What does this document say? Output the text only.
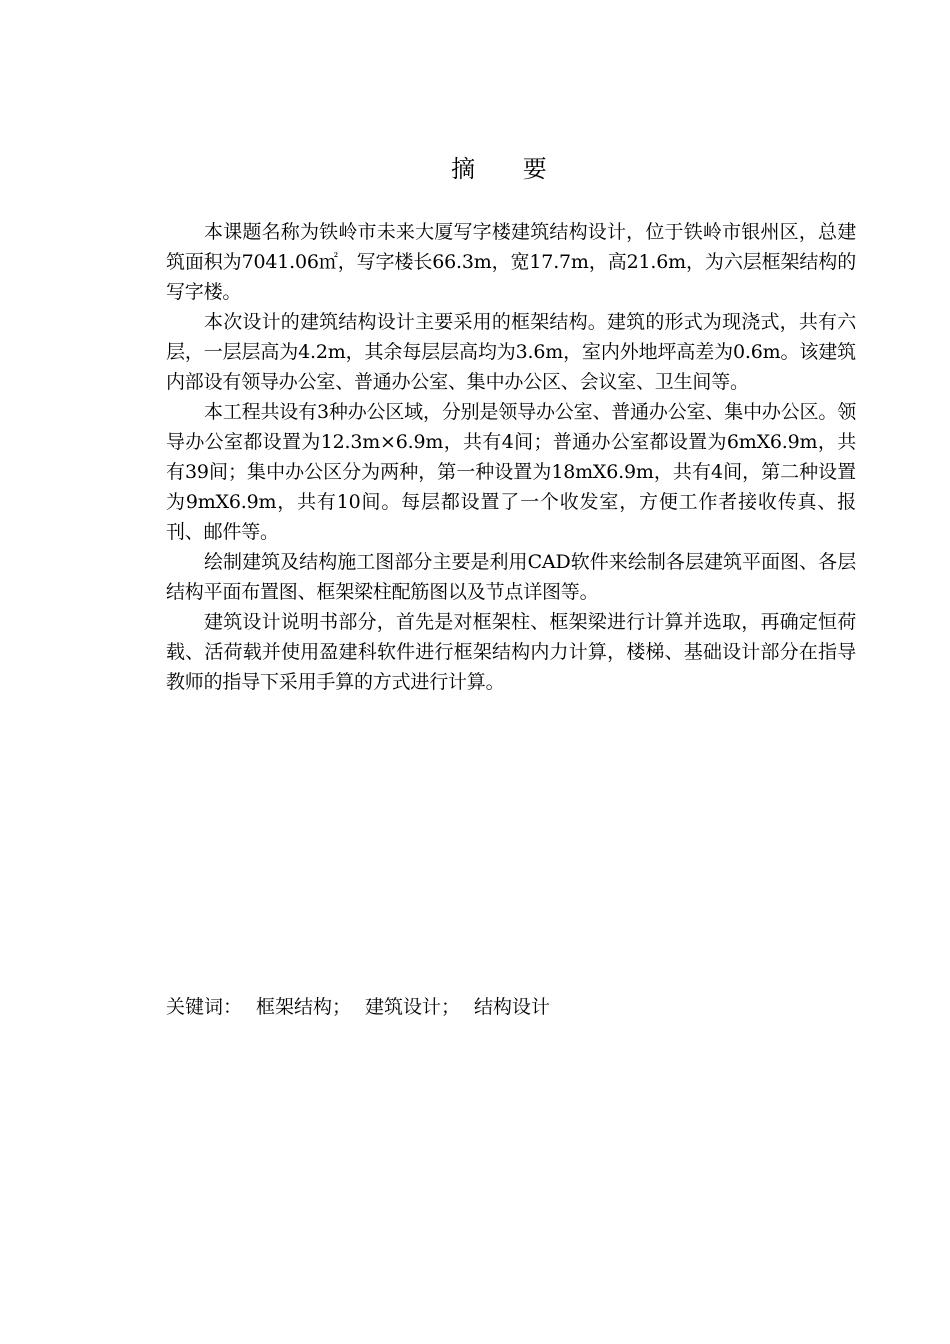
摘 要

本课题名称为铁岭市未来大厦写字楼建筑结构设计，位于铁岭市银州区，总建筑面积为7041.06㎡，写字楼长66.3m，宽17.7m，高21.6m，为六层框架结构的写字楼。

本次设计的建筑结构设计主要采用的框架结构。建筑的形式为现浇式，共有六层，一层层高为4.2m，其余每层层高均为3.6m，室内外地坪高差为0.6m。该建筑内部设有领导办公室、普通办公室、集中办公区、会议室、卫生间等。

本工程共设有3种办公区域，分别是领导办公室、普通办公室、集中办公区。领导办公室都设置为12.3m×6.9m，共有4间；普通办公室都设置为6mX6.9m，共有39间；集中办公区分为两种，第一种设置为18mX6.9m，共有4间，第二种设置为9mX6.9m，共有10间。每层都设置了一个收发室，方便工作者接收传真、报刊、邮件等。

绘制建筑及结构施工图部分主要是利用CAD软件来绘制各层建筑平面图、各层结构平面布置图、框架梁柱配筋图以及节点详图等。

建筑设计说明书部分，首先是对框架柱、框架梁进行计算并选取，再确定恒荷载、活荷载并使用盈建科软件进行框架结构内力计算，楼梯、基础设计部分在指导教师的指导下采用手算的方式进行计算。

关键词： 框架结构； 建筑设计； 结构设计
